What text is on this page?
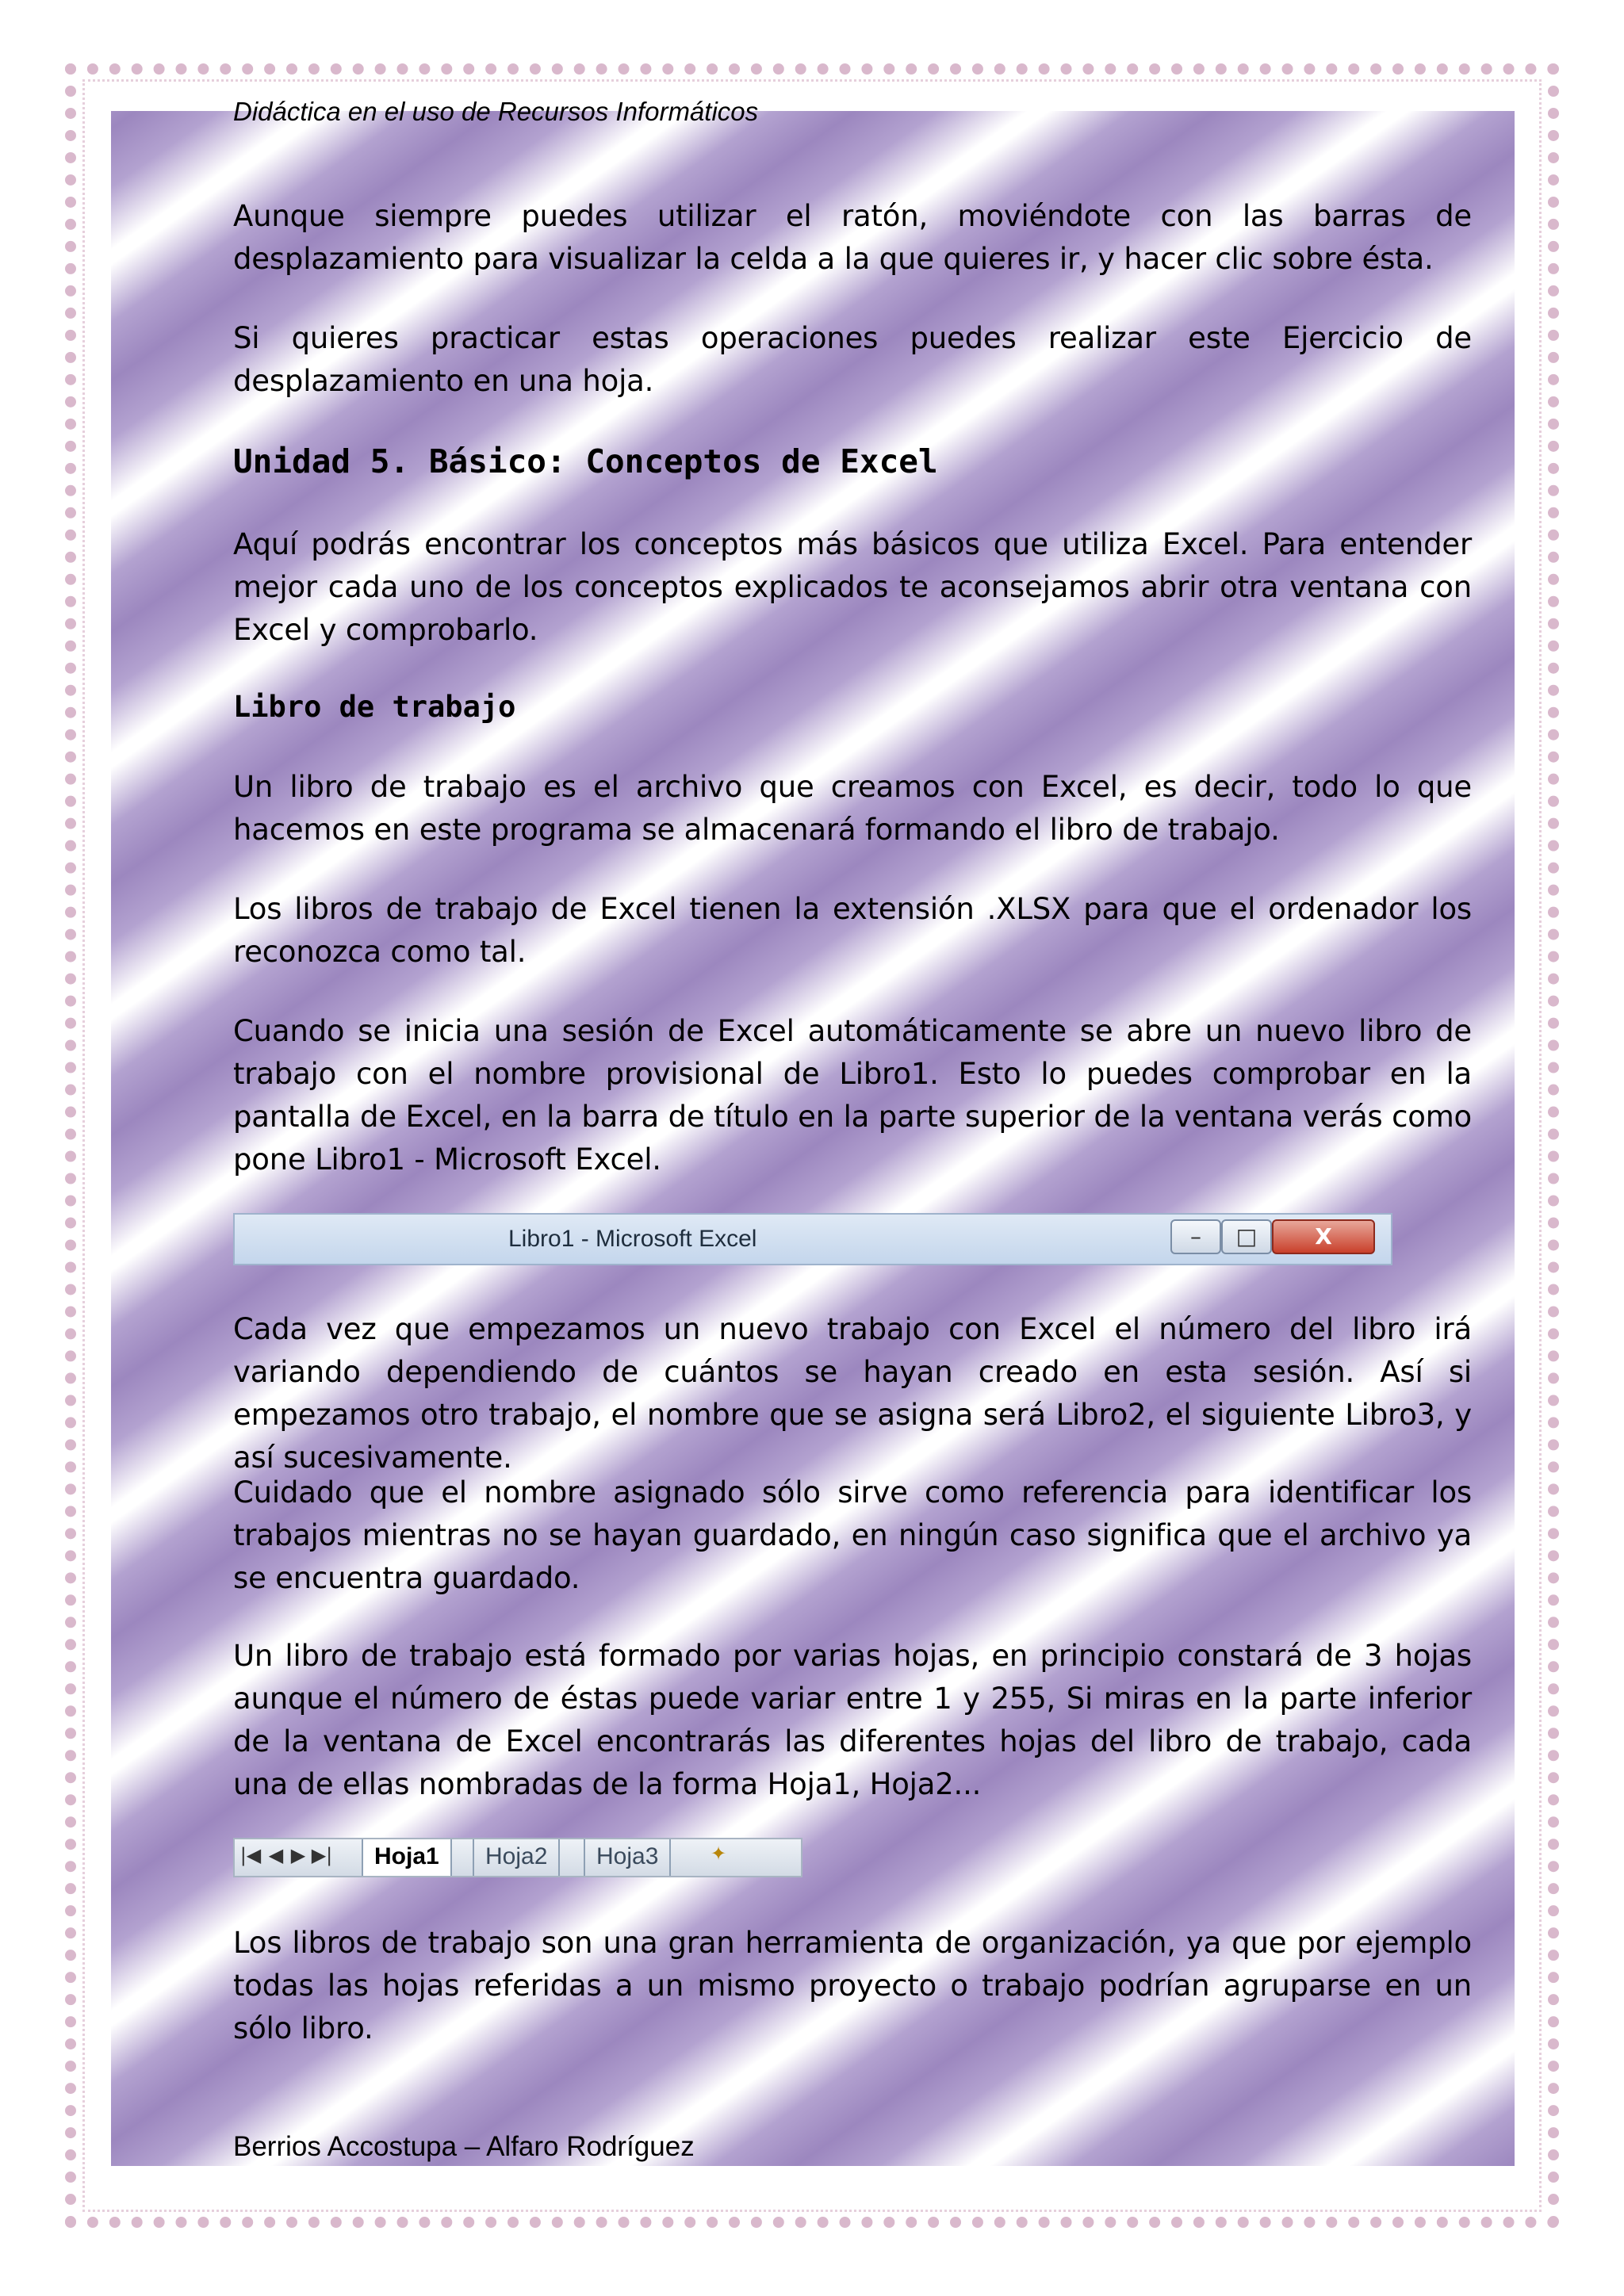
Didáctica en el uso de Recursos Informáticos
Aunque siempre puedes utilizar el ratón, moviéndote con las barras de desplazamiento para visualizar la celda a la que quieres ir, y hacer clic sobre ésta.
Si quieres practicar estas operaciones puedes realizar este Ejercicio de desplazamiento en una hoja.
Unidad 5. Básico: Conceptos de Excel
Aquí podrás encontrar los conceptos más básicos que utiliza Excel. Para entender mejor cada uno de los conceptos explicados te aconsejamos abrir otra ventana con Excel y comprobarlo.
Libro de trabajo
Un libro de trabajo es el archivo que creamos con Excel, es decir, todo lo que hacemos en este programa se almacenará formando el libro de trabajo.
Los libros de trabajo de Excel tienen la extensión .XLSX para que el ordenador los reconozca como tal.
Cuando se inicia una sesión de Excel automáticamente se abre un nuevo libro de trabajo con el nombre provisional de Libro1. Esto lo puedes comprobar en la pantalla de Excel, en la barra de título en la parte superior de la ventana verás como pone Libro1 - Microsoft Excel.
Libro1 - Microsoft Excel	–	□	X
Cada vez que empezamos un nuevo trabajo con Excel el número del libro irá variando dependiendo de cuántos se hayan creado en esta sesión. Así si empezamos otro trabajo, el nombre que se asigna será Libro2, el siguiente Libro3, y así sucesivamente.
Cuidado que el nombre asignado sólo sirve como referencia para identificar los trabajos mientras no se hayan guardado, en ningún caso significa que el archivo ya se encuentra guardado.
Un libro de trabajo está formado por varias hojas, en principio constará de 3 hojas aunque el número de éstas puede variar entre 1 y 255, Si miras en la parte inferior de la ventana de Excel encontrarás las diferentes hojas del libro de trabajo, cada una de ellas nombradas de la forma Hoja1, Hoja2...
|◀ ◀ ▶ ▶|	Hoja1	Hoja2	Hoja3	✦
Los libros de trabajo son una gran herramienta de organización, ya que por ejemplo todas las hojas referidas a un mismo proyecto o trabajo podrían agruparse en un sólo libro.
Berrios Accostupa – Alfaro Rodríguez
